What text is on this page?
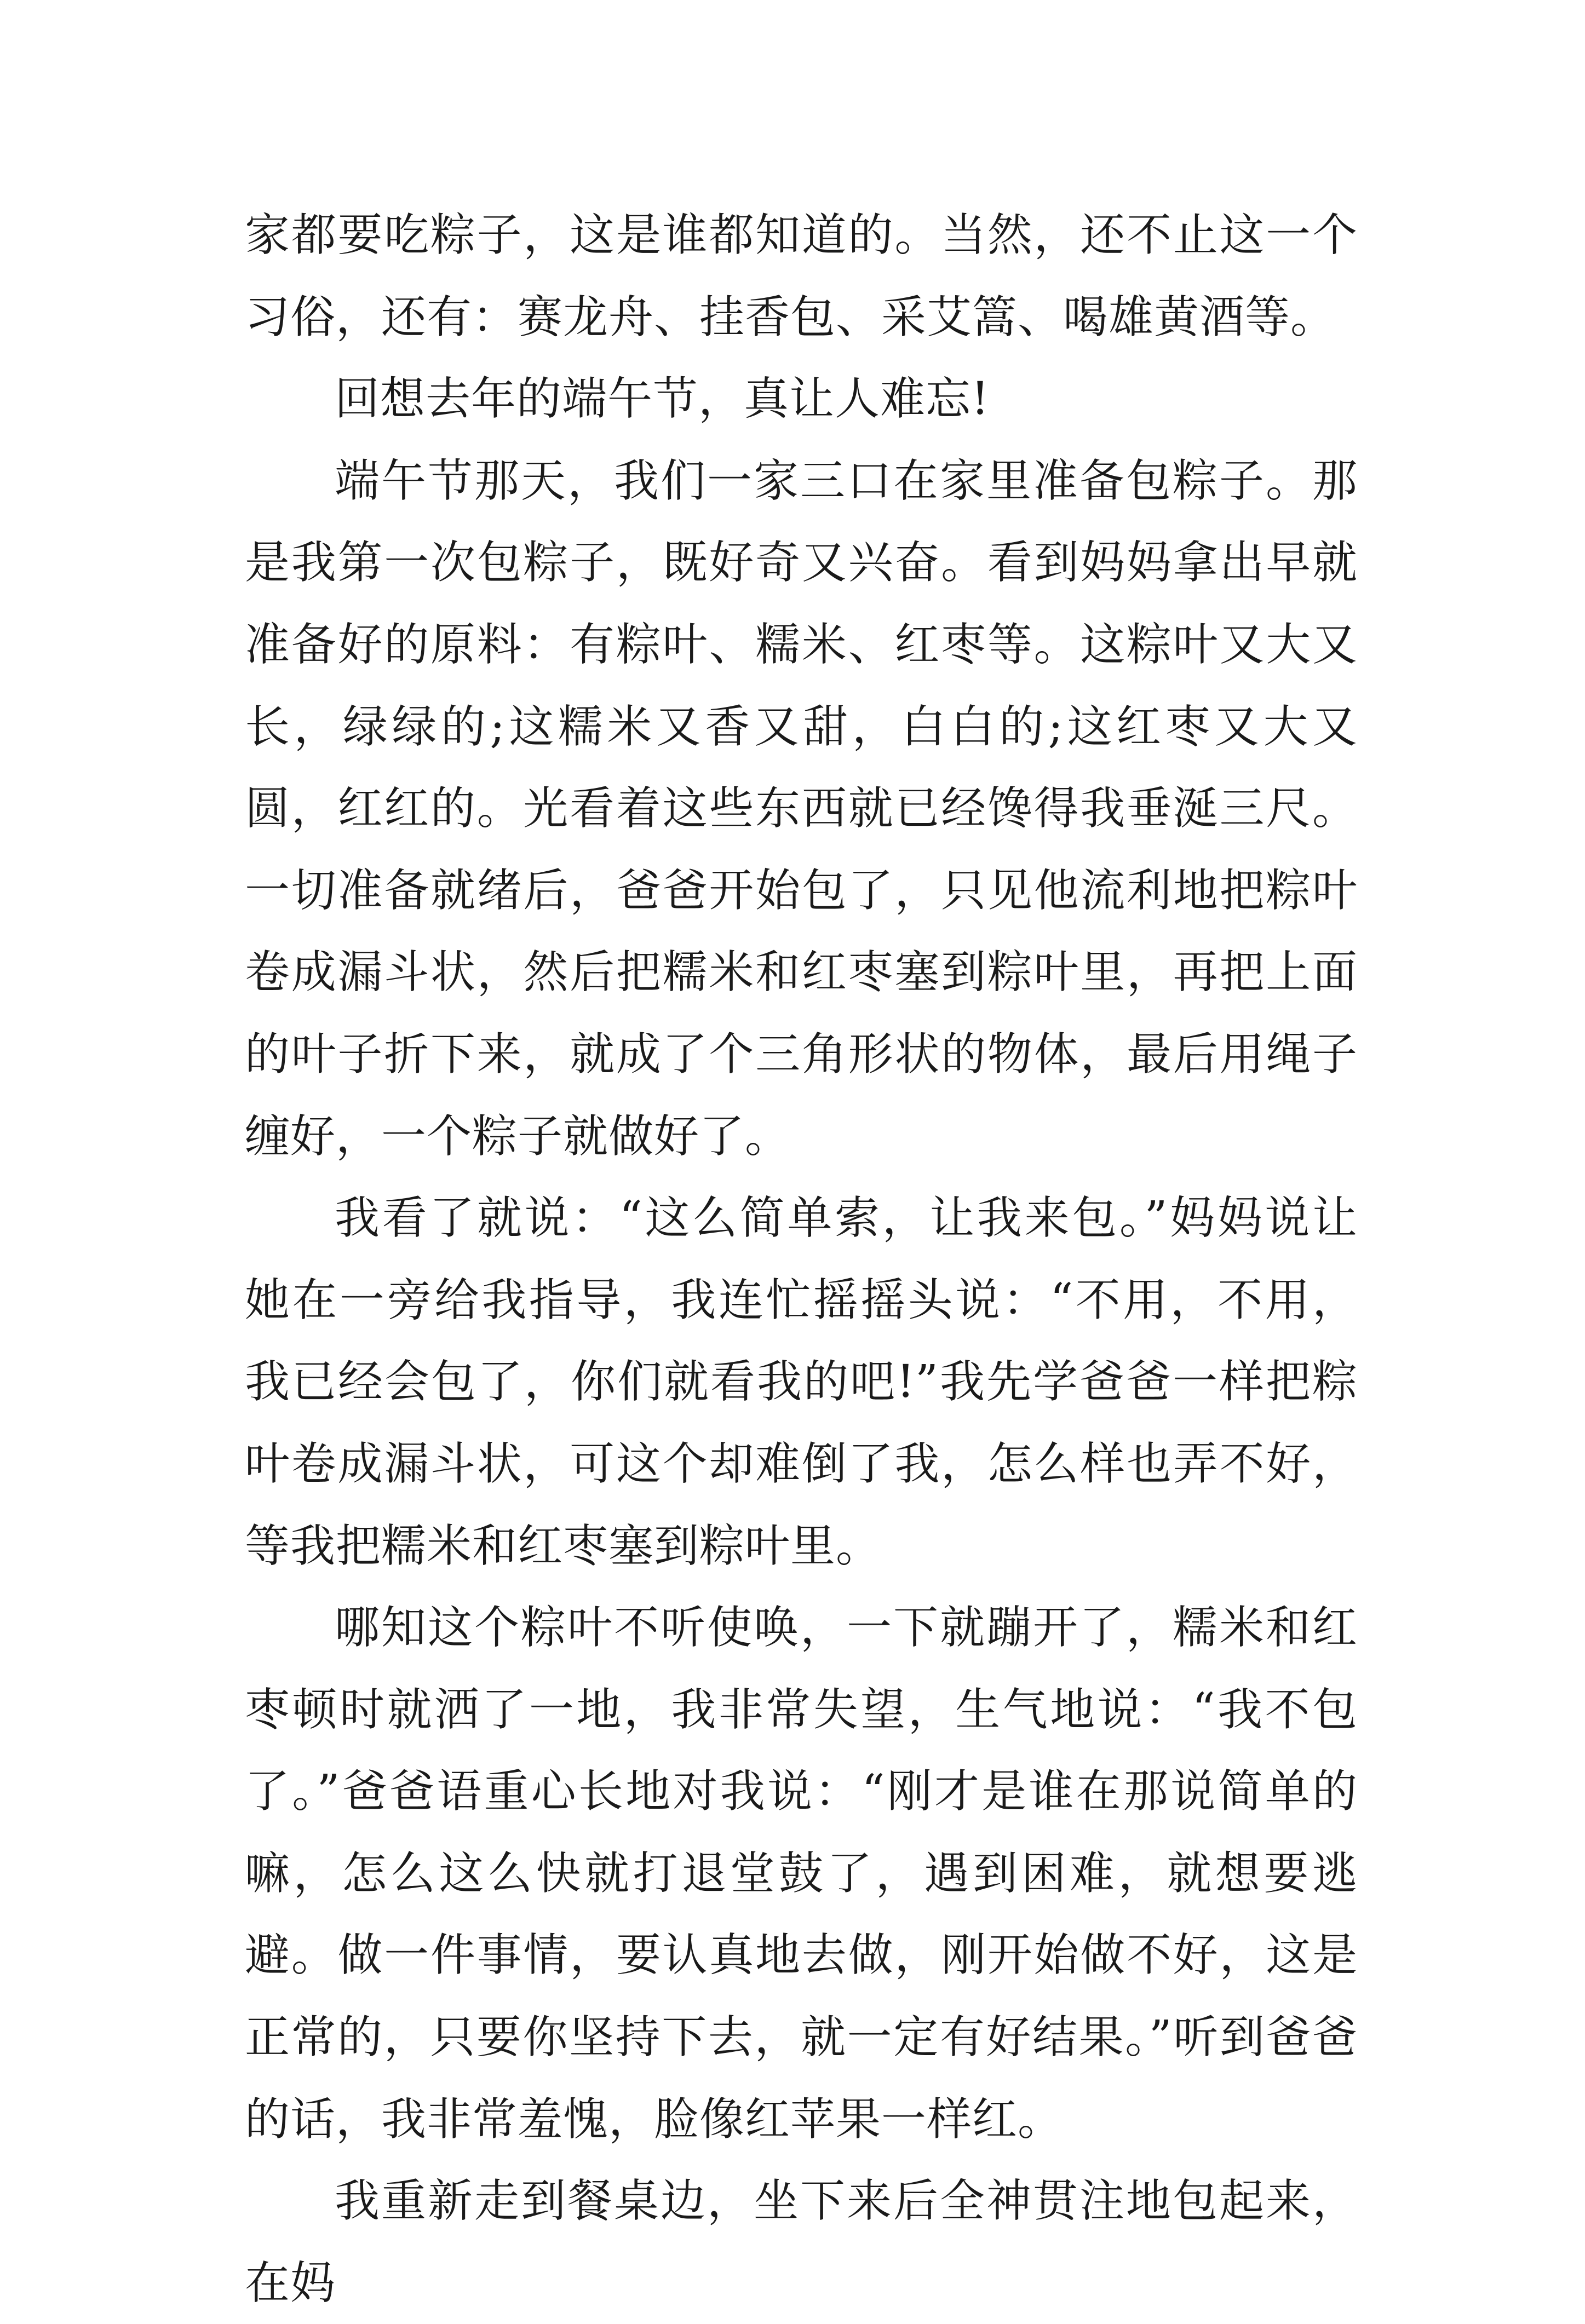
家都要吃粽子，这是谁都知道的。当然，还不止这一个习俗，还有：赛龙舟、挂香包、采艾篙、喝雄黄酒等。

回想去年的端午节，真让人难忘!

端午节那天，我们一家三口在家里准备包粽子。那是我第一次包粽子，既好奇又兴奋。看到妈妈拿出早就准备好的原料：有粽叶、糯米、红枣等。这粽叶又大又长，绿绿的;这糯米又香又甜，白白的;这红枣又大又圆，红红的。光看着这些东西就已经馋得我垂涎三尺。一切准备就绪后，爸爸开始包了，只见他流利地把粽叶卷成漏斗状，然后把糯米和红枣塞到粽叶里，再把上面的叶子折下来，就成了个三角形状的物体，最后用绳子缠好，一个粽子就做好了。

我看了就说：“这么简单索，让我来包。”妈妈说让她在一旁给我指导，我连忙摇摇头说：“不用，不用，我已经会包了，你们就看我的吧!”我先学爸爸一样把粽叶卷成漏斗状，可这个却难倒了我，怎么样也弄不好，等我把糯米和红枣塞到粽叶里。

哪知这个粽叶不听使唤，一下就蹦开了，糯米和红枣顿时就洒了一地，我非常失望，生气地说：“我不包了。”爸爸语重心长地对我说：“刚才是谁在那说简单的嘛，怎么这么快就打退堂鼓了，遇到困难，就想要逃避。做一件事情，要认真地去做，刚开始做不好，这是正常的，只要你坚持下去，就一定有好结果。”听到爸爸的话，我非常羞愧，脸像红苹果一样红。

我重新走到餐桌边，坐下来后全神贯注地包起来，在妈
